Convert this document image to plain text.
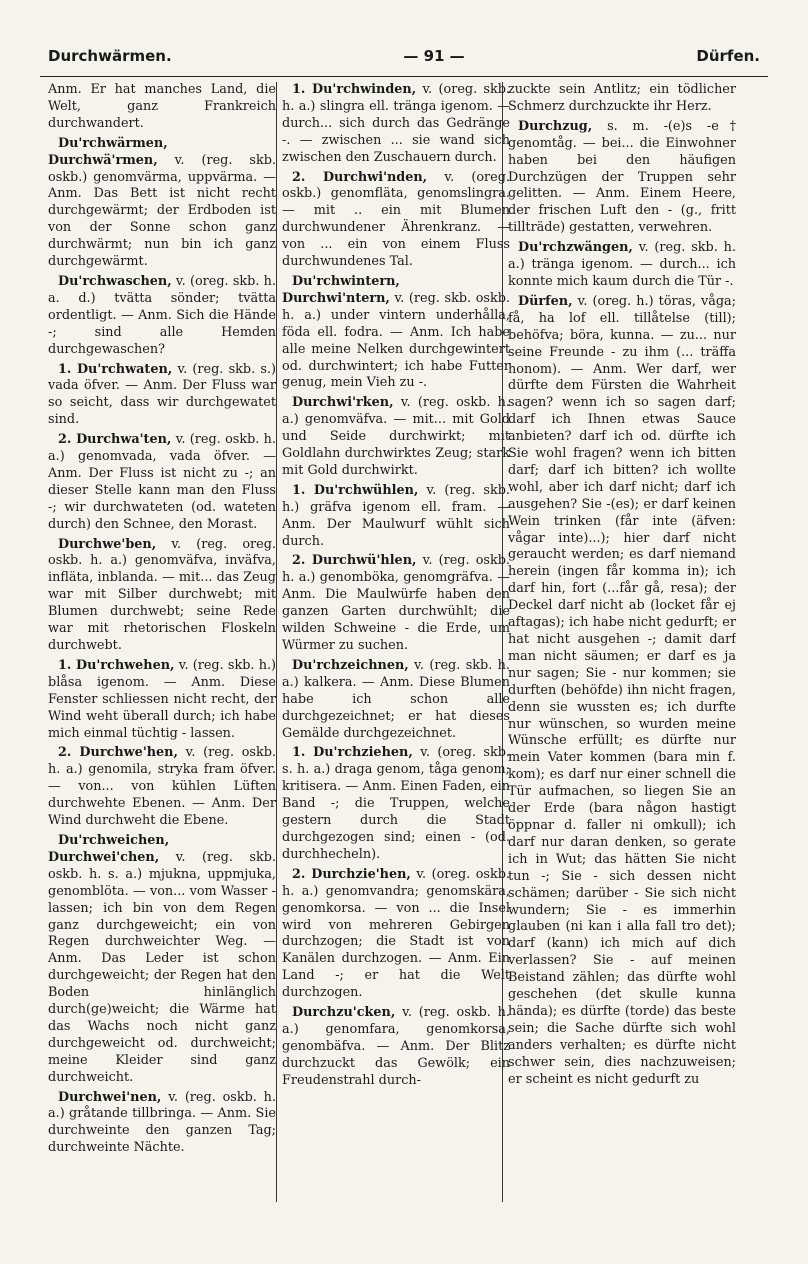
Durchwärmen.	— 91 —	Dürfen.

Anm. Er hat manches Land, die Welt, ganz Frankreich durchwandert.

Du'rchwärmen, Durchwä'rmen, v. (reg. skb. oskb.) genomvärma, uppvärma. — Anm. Das Bett ist nicht recht durchgewärmt; der Erdboden ist von der Sonne schon ganz durchwärmt; nun bin ich ganz durchgewärmt.

Du'rchwaschen, v. (oreg. skb. h. a. d.) tvätta sönder; tvätta ordentligt. — Anm. Sich die Hände -; sind alle Hemden durchgewaschen?

1. Du'rchwaten, v. (reg. skb. s.) vada öfver. — Anm. Der Fluss war so seicht, dass wir durchgewatet sind.

2. Durchwa'ten, v. (reg. oskb. h. a.) genomvada, vada öfver. — Anm. Der Fluss ist nicht zu -; an dieser Stelle kann man den Fluss -; wir durchwateten (od. wateten durch) den Schnee, den Morast.

Durchwe'ben, v. (reg. oreg. oskb. h. a.) genomväfva, inväfva, infläta, inblanda. — mit... das Zeug war mit Silber durchwebt; mit Blumen durchwebt; seine Rede war mit rhetorischen Floskeln durchwebt.

1. Du'rchwehen, v. (reg. skb. h.) blåsa igenom. — Anm. Diese Fenster schliessen nicht recht, der Wind weht überall durch; ich habe mich einmal tüchtig - lassen.

2. Durchwe'hen, v. (reg. oskb. h. a.) genomila, stryka fram öfver. — von... von kühlen Lüften durchwehte Ebenen. — Anm. Der Wind durchweht die Ebene.

Du'rchweichen, Durchwei'chen, v. (reg. skb. oskb. h. s. a.) mjukna, uppmjuka, genomblöta. — von... vom Wasser - lassen; ich bin von dem Regen ganz durchgeweicht; ein von Regen durchweichter Weg. — Anm. Das Leder ist schon durchgeweicht; der Regen hat den Boden hinlänglich durch(ge)weicht; die Wärme hat das Wachs noch nicht ganz durchgeweicht od. durchweicht; meine Kleider sind ganz durchweicht.

Durchwei'nen, v. (reg. oskb. h. a.) gråtande tillbringa. — Anm. Sie durchweinte den ganzen Tag; durchweinte Nächte.

1. Du'rchwinden, v. (oreg. skb. h. a.) slingra ell. tränga igenom. — durch... sich durch das Gedränge -. — zwischen ... sie wand sich zwischen den Zuschauern durch.

2. Durchwi'nden, v. (oreg. oskb.) genomfläta, genomslingra. — mit .. ein mit Blumen durchwundener Ährenkranz. — von ... ein von einem Fluss durchwundenes Tal.

Du'rchwintern, Durchwi'ntern, v. (reg. skb. oskb. h. a.) under vintern underhålla, föda ell. fodra. — Anm. Ich habe alle meine Nelken durchgewintert od. durchwintert; ich habe Futter genug, mein Vieh zu -.

Durchwi'rken, v. (reg. oskb. h. a.) genomväfva. — mit... mit Gold und Seide durchwirkt; mit Goldlahn durchwirktes Zeug; stark mit Gold durchwirkt.

1. Du'rchwühlen, v. (reg. skb. h.) gräfva igenom ell. fram. — Anm. Der Maulwurf wühlt sich durch.

2. Durchwü'hlen, v. (reg. oskb. h. a.) genomböka, genomgräfva. — Anm. Die Maulwürfe haben den ganzen Garten durchwühlt; die wilden Schweine - die Erde, um Würmer zu suchen.

Du'rchzeichnen, v. (reg. skb. h. a.) kalkera. — Anm. Diese Blumen habe ich schon alle durchgezeichnet; er hat dieses Gemälde durchgezeichnet.

1. Du'rchziehen, v. (oreg. skb. s. h. a.) draga genom, tåga genom; kritisera. — Anm. Einen Faden, ein Band -; die Truppen, welche gestern durch die Stadt durchgezogen sind; einen - (od. durchhecheln).

2. Durchzie'hen, v. (oreg. oskb. h. a.) genomvandra; genomskära, genomkorsa. — von ... die Insel wird von mehreren Gebirgen durchzogen; die Stadt ist von Kanälen durchzogen. — Anm. Ein Land -; er hat die Welt durchzogen.

Durchzu'cken, v. (reg. oskb. h. a.) genomfara, genomkorsa, genombäfva. — Anm. Der Blitz durchzuckt das Gewölk; ein Freudenstrahl durch-

zuckte sein Antlitz; ein tödlicher Schmerz durchzuckte ihr Herz.

Durchzug, s. m. -(e)s -e† genomtåg. — bei... die Einwohner haben bei den häufigen Durchzügen der Truppen sehr gelitten. — Anm. Einem Heere, der frischen Luft den - (g., fritt tillträde) gestatten, verwehren.

Du'rchzwängen, v. (reg. skb. h. a.) tränga igenom. — durch... ich konnte mich kaum durch die Tür -.

Dürfen, v. (oreg. h.) töras, våga; få, ha lof ell. tillåtelse (till); behöfva; böra, kunna. — zu... nur seine Freunde - zu ihm (... träffa honom). — Anm. Wer darf, wer dürfte dem Fürsten die Wahrheit sagen? wenn ich so sagen darf; darf ich Ihnen etwas Sauce anbieten? darf ich od. dürfte ich Sie wohl fragen? wenn ich bitten darf; darf ich bitten? ich wollte wohl, aber ich darf nicht; darf ich ausgehen? Sie -(es); er darf keinen Wein trinken (får inte (äfven: vågar inte)...); hier darf nicht geraucht werden; es darf niemand herein (ingen får komma in); ich darf hin, fort (...får gå, resa); der Deckel darf nicht ab (locket får ej aftagas); ich habe nicht gedurft; er hat nicht ausgehen -; damit darf man nicht säumen; er darf es ja nur sagen; Sie - nur kommen; sie durften (behöfde) ihn nicht fragen, denn sie wussten es; ich durfte nur wünschen, so wurden meine Wünsche erfüllt; es dürfte nur mein Vater kommen (bara min f. kom); es darf nur einer schnell die Tür aufmachen, so liegen Sie an der Erde (bara någon hastigt öppnar d. faller ni omkull); ich darf nur daran denken, so gerate ich in Wut; das hätten Sie nicht tun -; Sie - sich dessen nicht schämen; darüber - Sie sich nicht wundern; Sie - es immerhin glauben (ni kan i alla fall tro det); darf (kann) ich mich auf dich verlassen? Sie - auf meinen Beistand zählen; das dürfte wohl geschehen (det skulle kunna hända); es dürfte (torde) das beste sein; die Sache dürfte sich wohl anders verhalten; es dürfte nicht schwer sein, dies nachzuweisen; er scheint es nicht gedurft zu
